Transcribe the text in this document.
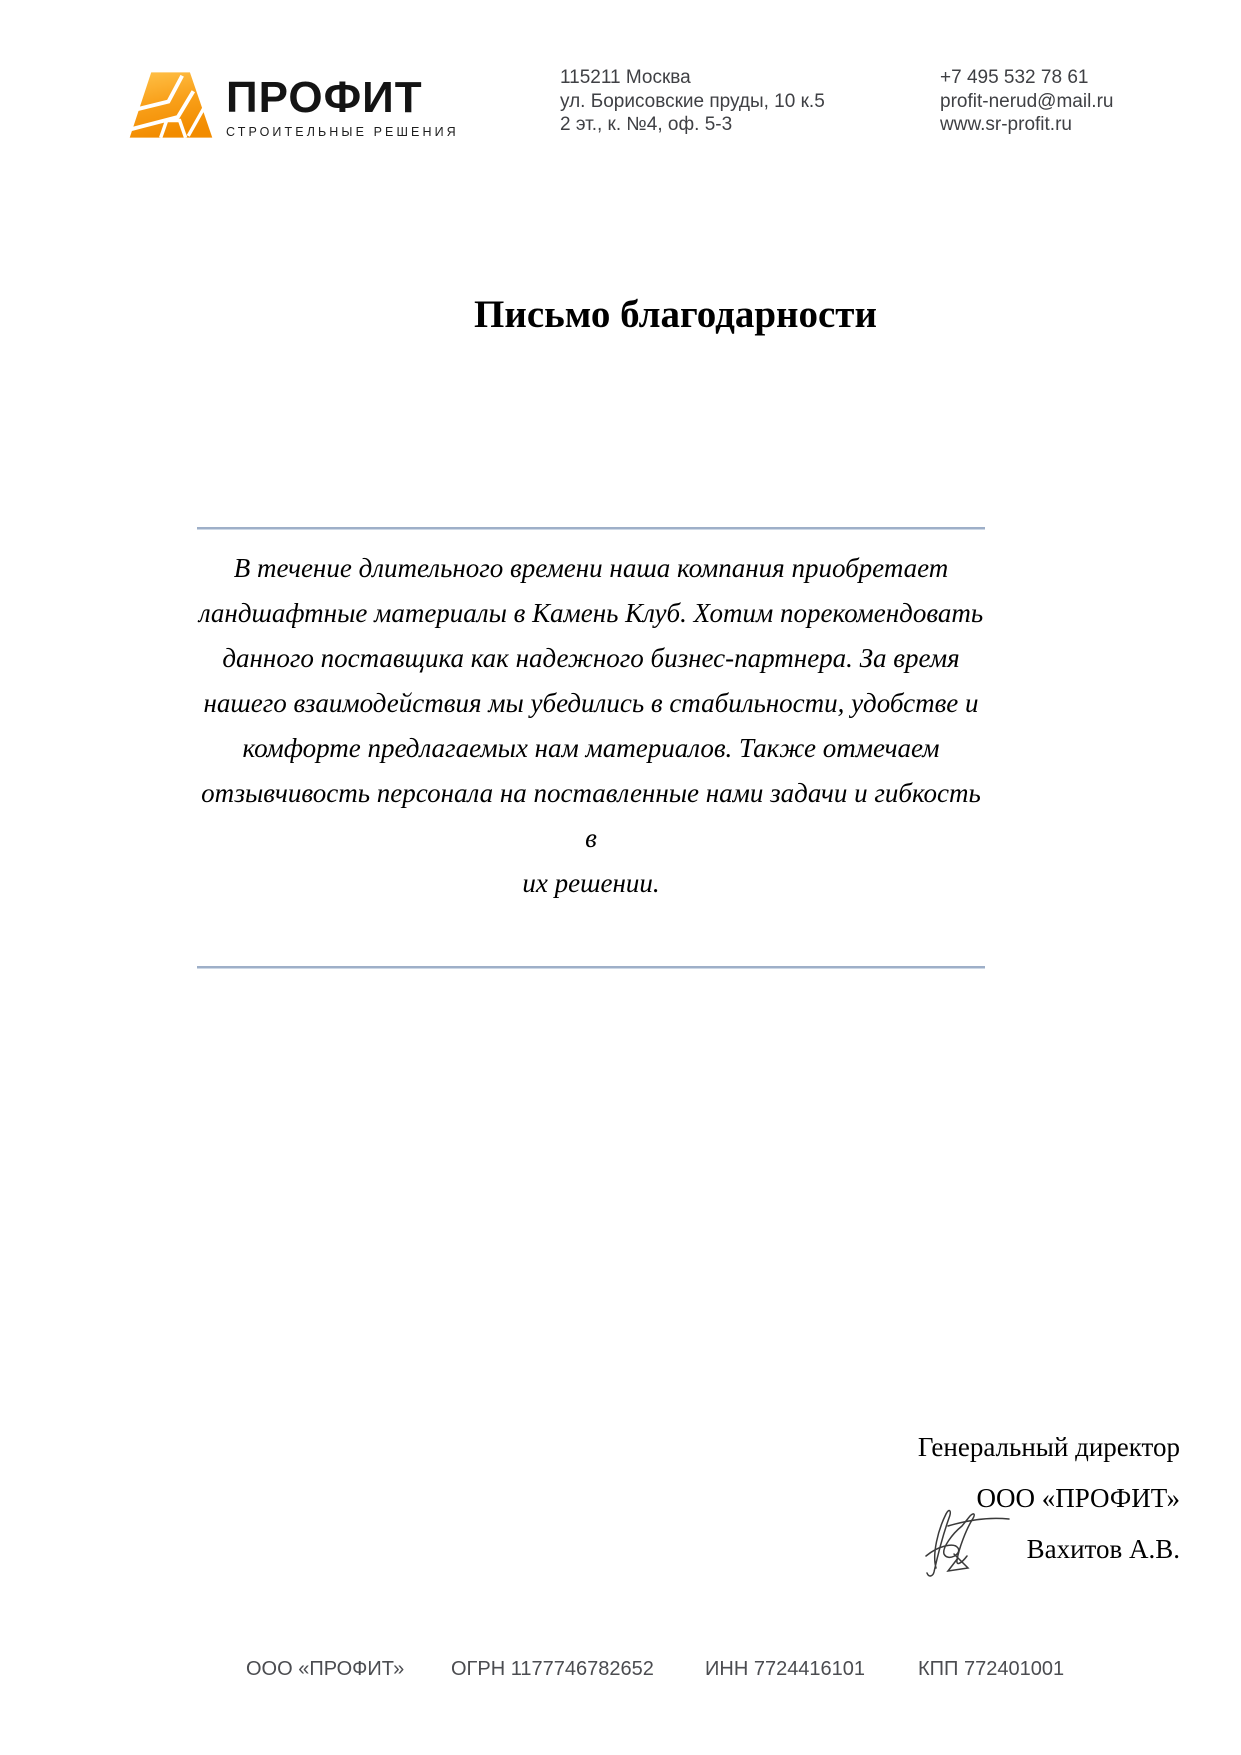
ПРОФИТ
СТРОИТЕЛЬНЫЕ РЕШЕНИЯ
115211 Москва
ул. Борисовские пруды, 10 к.5
2 эт., к. №4, оф. 5-3
+7 495 532 78 61
profit-nerud@mail.ru
www.sr-profit.ru
Письмо благодарности
В течение длительного времени наша компания приобретает
ландшафтные материалы в Камень Клуб. Хотим порекомендовать
данного поставщика как надежного бизнес-партнера. За время
нашего взаимодействия мы убедились в стабильности, удобстве и
комфорте предлагаемых нам материалов. Также отмечаем
отзывчивость персонала на поставленные нами задачи и гибкость в
их решении.
Генеральный директор
ООО «ПРОФИТ»
Вахитов А.В.
ООО «ПРОФИТ» ОГРН 1177746782652	ИНН 7724416101	КПП 772401001
